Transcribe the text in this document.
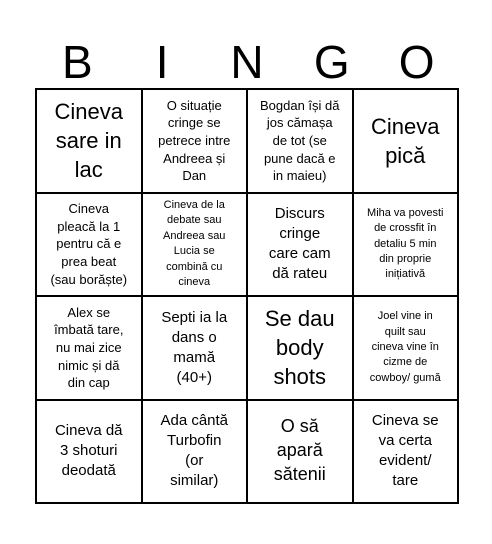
B	I	N	G	O
Cineva
sare in
lac
O situație
cringe se
petrece intre
Andreea și
Dan
Bogdan își dă
jos cămașa
de tot (se
pune dacă e
in maieu)
Cineva
pică
Cineva
pleacă la 1
pentru că e
prea beat
(sau borăște)
Cineva de la
debate sau
Andreea sau
Lucia se
combină cu
cineva
Discurs
cringe
care cam
dă rateu
Miha va povesti
de crossfit în
detaliu 5 min
din proprie
inițiativă
Alex se
îmbată tare,
nu mai zice
nimic și dă
din cap
Septi ia la
dans o
mamă
(40+)
Se dau
body
shots
Joel vine in
quilt sau
cineva vine în
cizme de
cowboy/ gumă
Cineva dă
3 shoturi
deodată
Ada cântă
Turbofin
(or
similar)
O să
apară
sătenii
Cineva se
va certa
evident/
tare
